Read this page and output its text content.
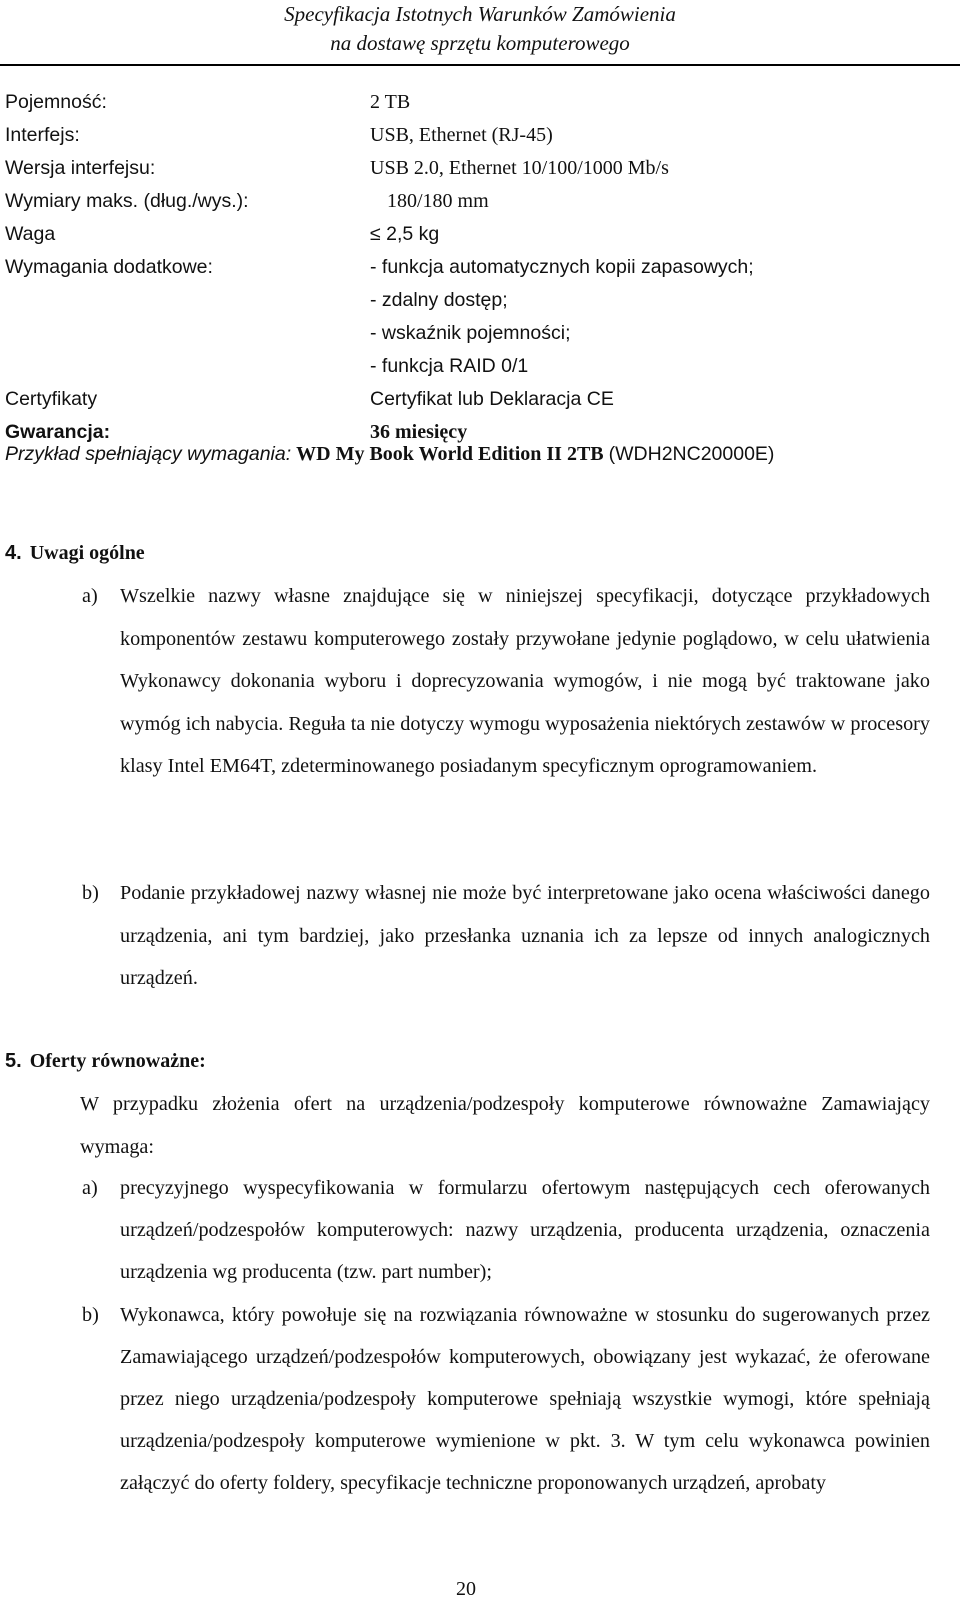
Specyfikacja Istotnych Warunków Zamówienia
na dostawę sprzętu komputerowego
Pojemność:	2 TB
Interfejs:	USB, Ethernet (RJ-45)
Wersja interfejsu:	USB 2.0, Ethernet 10/100/1000 Mb/s
Wymiary maks. (dług./wys.):	180/180 mm
Waga	≤ 2,5 kg
Wymagania dodatkowe:	- funkcja automatycznych kopii zapasowych;
- zdalny dostęp;
- wskaźnik pojemności;
- funkcja RAID 0/1
Certyfikaty	Certyfikat lub Deklaracja CE
Gwarancja:	36 miesięcy
Przykład spełniający wymagania: WD My Book World Edition II 2TB (WDH2NC20000E)
4. Uwagi ogólne
a) Wszelkie nazwy własne znajdujące się w niniejszej specyfikacji, dotyczące przykładowych komponentów zestawu komputerowego zostały przywołane jedynie poglądowo, w celu ułatwienia Wykonawcy dokonania wyboru i doprecyzowania wymogów, i nie mogą być traktowane jako wymóg ich nabycia. Reguła ta nie dotyczy wymogu wyposażenia niektórych zestawów w procesory klasy Intel EM64T, zdeterminowanego posiadanym specyficznym oprogramowaniem.
b) Podanie przykładowej nazwy własnej nie może być interpretowane jako ocena właściwości danego urządzenia, ani tym bardziej, jako przesłanka uznania ich za lepsze od innych analogicznych urządzeń.
5. Oferty równoważne:
W przypadku złożenia ofert na urządzenia/podzespoły komputerowe równoważne Zamawiający wymaga:
a) precyzyjnego wyspecyfikowania w formularzu ofertowym następujących cech oferowanych urządzeń/podzespołów komputerowych: nazwy urządzenia, producenta urządzenia, oznaczenia urządzenia wg producenta (tzw. part number);
b) Wykonawca, który powołuje się na rozwiązania równoważne w stosunku do sugerowanych przez Zamawiającego urządzeń/podzespołów komputerowych, obowiązany jest wykazać, że oferowane przez niego urządzenia/podzespoły komputerowe spełniają wszystkie wymogi, które spełniają urządzenia/podzespoły komputerowe wymienione w pkt. 3. W tym celu wykonawca powinien załączyć do oferty foldery, specyfikacje techniczne proponowanych urządzeń, aprobaty
20
